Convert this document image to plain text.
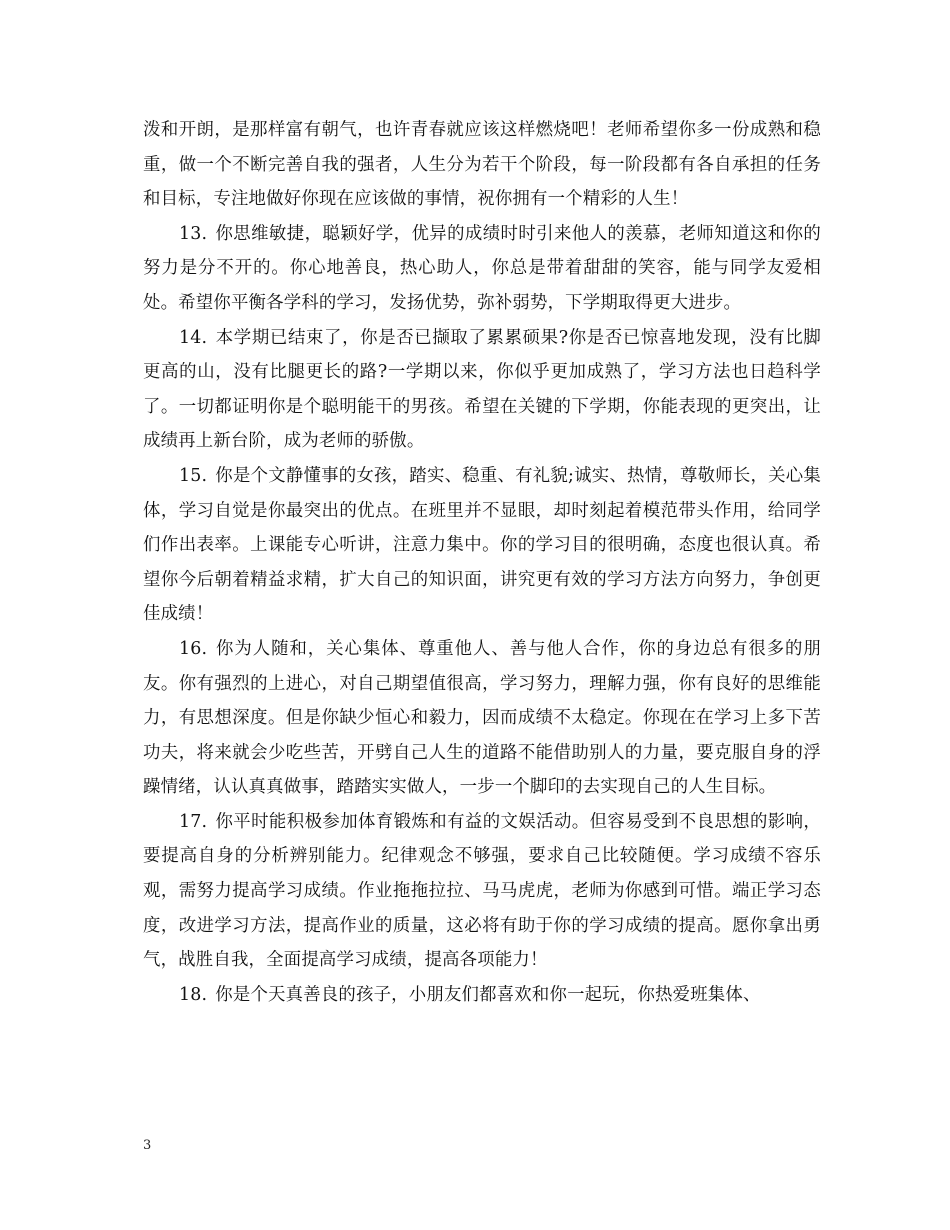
泼和开朗，是那样富有朝气，也许青春就应该这样燃烧吧！老师希望你多一份成熟和稳重，做一个不断完善自我的强者，人生分为若干个阶段，每一阶段都有各自承担的任务和目标，专注地做好你现在应该做的事情，祝你拥有一个精彩的人生！

13. 你思维敏捷，聪颖好学，优异的成绩时时引来他人的羡慕，老师知道这和你的努力是分不开的。你心地善良，热心助人，你总是带着甜甜的笑容，能与同学友爱相处。希望你平衡各学科的学习，发扬优势，弥补弱势，下学期取得更大进步。

14. 本学期已结束了，你是否已撷取了累累硕果?你是否已惊喜地发现，没有比脚更高的山，没有比腿更长的路?一学期以来，你似乎更加成熟了，学习方法也日趋科学了。一切都证明你是个聪明能干的男孩。希望在关键的下学期，你能表现的更突出，让成绩再上新台阶，成为老师的骄傲。

15. 你是个文静懂事的女孩，踏实、稳重、有礼貌;诚实、热情，尊敬师长，关心集体，学习自觉是你最突出的优点。在班里并不显眼，却时刻起着模范带头作用，给同学们作出表率。上课能专心听讲，注意力集中。你的学习目的很明确，态度也很认真。希望你今后朝着精益求精，扩大自己的知识面，讲究更有效的学习方法方向努力，争创更佳成绩！

16. 你为人随和，关心集体、尊重他人、善与他人合作，你的身边总有很多的朋友。你有强烈的上进心，对自己期望值很高，学习努力，理解力强，你有良好的思维能力，有思想深度。但是你缺少恒心和毅力，因而成绩不太稳定。你现在在学习上多下苦功夫，将来就会少吃些苦，开劈自己人生的道路不能借助别人的力量，要克服自身的浮躁情绪，认认真真做事，踏踏实实做人，一步一个脚印的去实现自己的人生目标。

17. 你平时能积极参加体育锻炼和有益的文娱活动。但容易受到不良思想的影响，要提高自身的分析辨别能力。纪律观念不够强，要求自己比较随便。学习成绩不容乐观，需努力提高学习成绩。作业拖拖拉拉、马马虎虎，老师为你感到可惜。端正学习态度，改进学习方法，提高作业的质量，这必将有助于你的学习成绩的提高。愿你拿出勇气，战胜自我，全面提高学习成绩，提高各项能力！

18. 你是个天真善良的孩子，小朋友们都喜欢和你一起玩，你热爱班集体、

3
